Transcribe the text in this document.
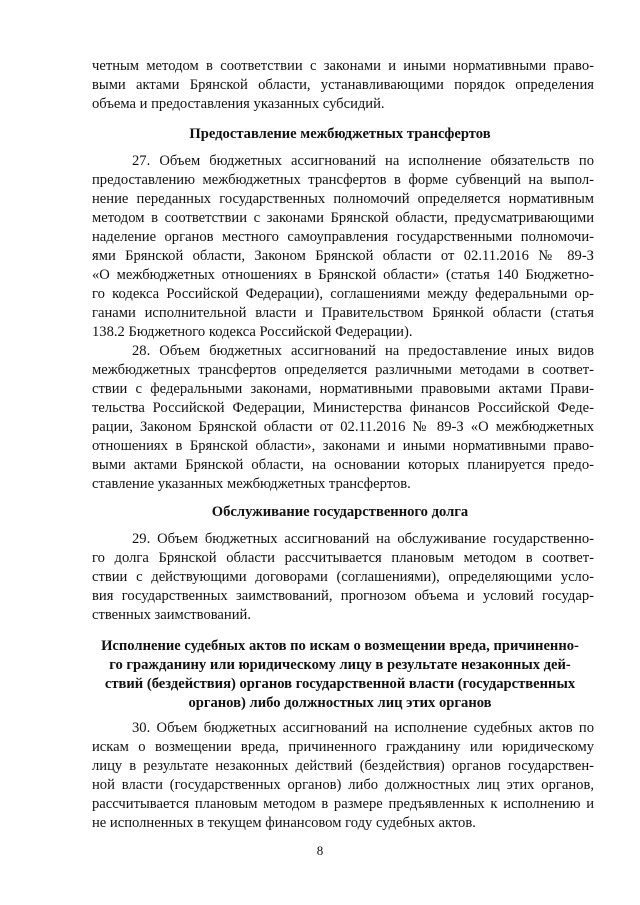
четным методом в соответствии с законами и иными нормативными право-
выми актами Брянской области, устанавливающими порядок определения
объема и предоставления указанных субсидий.
Предоставление межбюджетных трансфертов
27. Объем бюджетных ассигнований на исполнение обязательств по
предоставлению межбюджетных трансфертов в форме субвенций на выпол-
нение переданных государственных полномочий определяется нормативным
методом в соответствии с законами Брянской области, предусматривающими
наделение органов местного самоуправления государственными полномочи-
ями Брянской области, Законом Брянской области от 02.11.2016 № 89-З
«О межбюджетных отношениях в Брянской области» (статья 140 Бюджетно-
го кодекса Российской Федерации), соглашениями между федеральными ор-
ганами исполнительной власти и Правительством Брянкой области (статья
138.2 Бюджетного кодекса Российской Федерации).
28. Объем бюджетных ассигнований на предоставление иных видов
межбюджетных трансфертов определяется различными методами в соответ-
ствии с федеральными законами, нормативными правовыми актами Прави-
тельства Российской Федерации, Министерства финансов Российской Феде-
рации, Законом Брянской области от 02.11.2016 № 89-З «О межбюджетных
отношениях в Брянской области», законами и иными нормативными право-
выми актами Брянской области, на основании которых планируется предо-
ставление указанных межбюджетных трансфертов.
Обслуживание государственного долга
29. Объем бюджетных ассигнований на обслуживание государственно-
го долга Брянской области рассчитывается плановым методом в соответ-
ствии с действующими договорами (соглашениями), определяющими усло-
вия государственных заимствований, прогнозом объема и условий государ-
ственных заимствований.
Исполнение судебных актов по искам о возмещении вреда, причиненно-
го гражданину или юридическому лицу в результате незаконных дей-
ствий (бездействия) органов государственной власти (государственных
органов) либо должностных лиц этих органов
30. Объем бюджетных ассигнований на исполнение судебных актов по
искам о возмещении вреда, причиненного гражданину или юридическому
лицу в результате незаконных действий (бездействия) органов государствен-
ной власти (государственных органов) либо должностных лиц этих органов,
рассчитывается плановым методом в размере предъявленных к исполнению и
не исполненных в текущем финансовом году судебных актов.
8
